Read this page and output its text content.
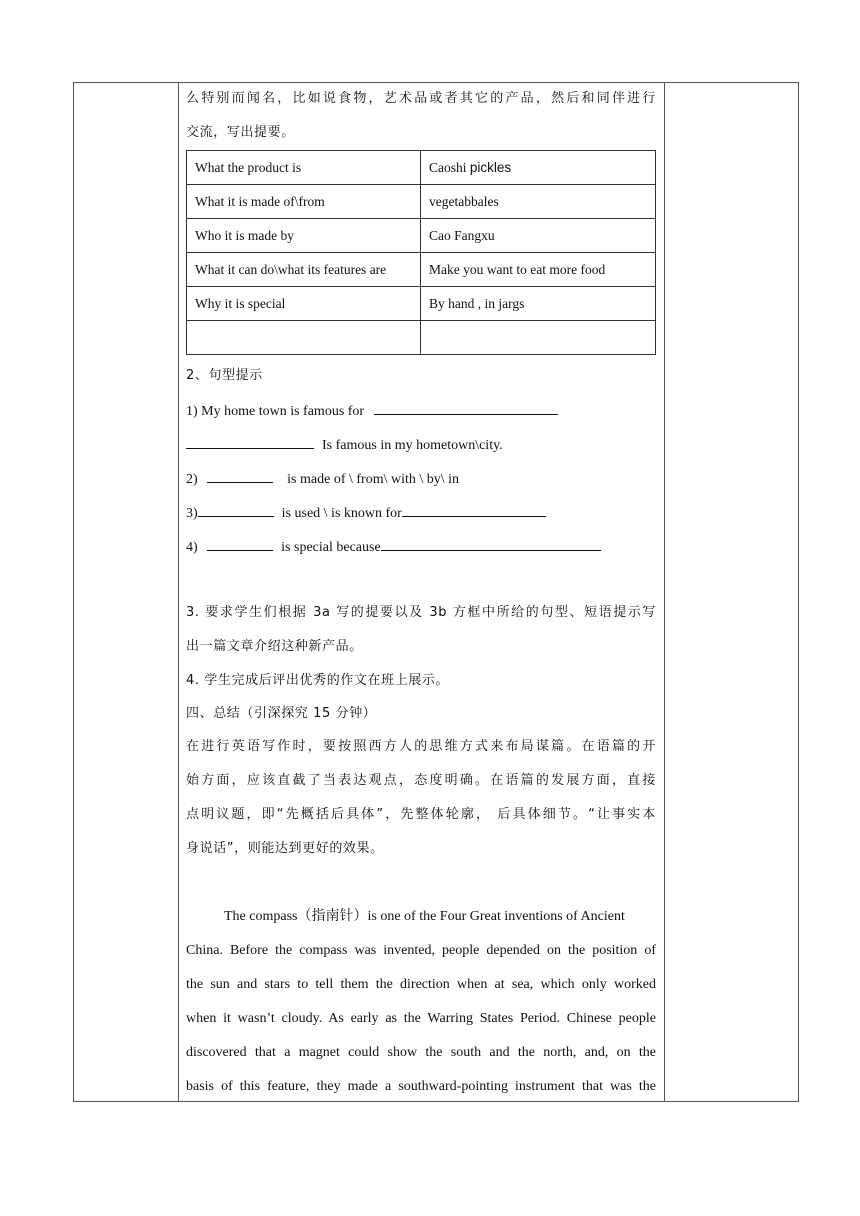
么特别而闻名，比如说食物，艺术品或者其它的产品，然后和同伴进行
交流，写出提要。
What the product is	Caoshi pickles
What it is made of\from	vegetabbales
Who it is made by	Cao Fangxu
What it can do\what its features are	Make you want to eat more food
Why it is special	By hand , in jargs

2、句型提示
1) My home town is famous for
Is famous in my hometown\city.
2)	is made of \ from\ with \ by\ in
3)	is used \ is known for
4)	is special because
3. 要求学生们根据 3a 写的提要以及 3b 方框中所给的句型、短语提示写
出一篇文章介绍这种新产品。
4. 学生完成后评出优秀的作文在班上展示。
四、总结（引深探究 15 分钟）
在进行英语写作时，要按照西方人的思维方式来布局谋篇。在语篇的开
始方面，应该直截了当表达观点，态度明确。在语篇的发展方面，直接
点明议题，即“先概括后具体”，先整体轮廓， 后具体细节。“让事实本
身说话”，则能达到更好的效果。
The compass（指南针）is one of the Four Great inventions of Ancient
China. Before the compass was invented, people depended on the position of
the sun and stars to tell them the direction when at sea, which only worked
when it wasn’t cloudy. As early as the Warring States Period. Chinese people
discovered that a magnet could show the south and the north, and, on the
basis of this feature, they made a southward-pointing instrument that was the
